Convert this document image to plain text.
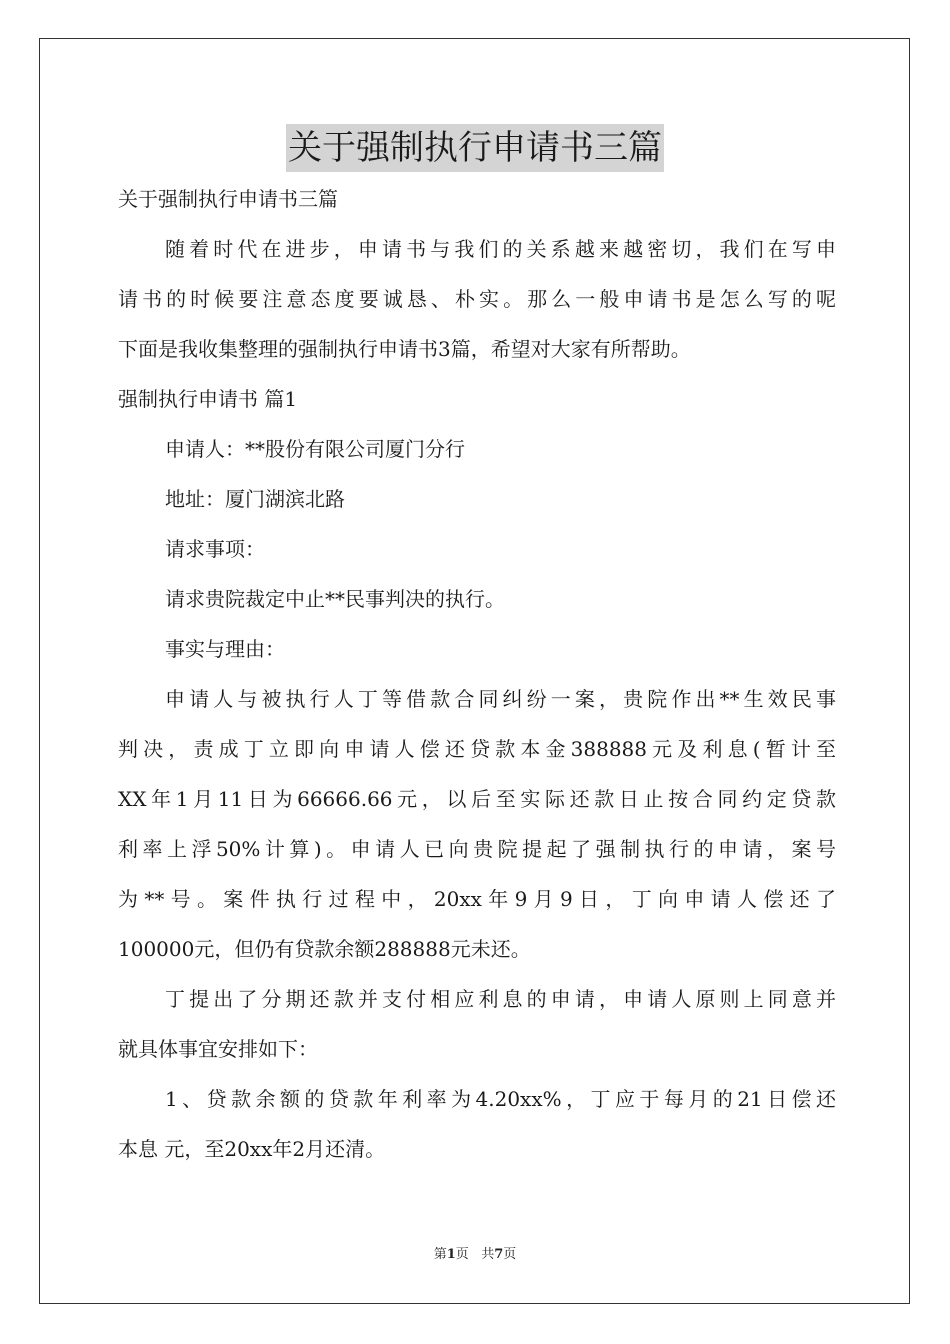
关于强制执行申请书三篇
关于强制执行申请书三篇
随着时代在进步，申请书与我们的关系越来越密切，我们在写申
请书的时候要注意态度要诚恳、朴实。那么一般申请书是怎么写的呢
下面是我收集整理的强制执行申请书3篇，希望对大家有所帮助。
强制执行申请书 篇1
申请人：**股份有限公司厦门分行
地址：厦门湖滨北路
请求事项：
请求贵院裁定中止**民事判决的执行。
事实与理由：
申请人与被执行人丁等借款合同纠纷一案，贵院作出**生效民事
判决，责成丁立即向申请人偿还贷款本金388888元及利息(暂计至
XX年1月11日为66666.66元，以后至实际还款日止按合同约定贷款
利率上浮50%计算)。申请人已向贵院提起了强制执行的申请，案号
为**号。案件执行过程中，20xx年9月9日，丁向申请人偿还了
100000元，但仍有贷款余额288888元未还。
丁提出了分期还款并支付相应利息的申请，申请人原则上同意并
就具体事宜安排如下：
1、贷款余额的贷款年利率为4.20xx%，丁应于每月的21日偿还
本息 元，至20xx年2月还清。
第1页 共7页
